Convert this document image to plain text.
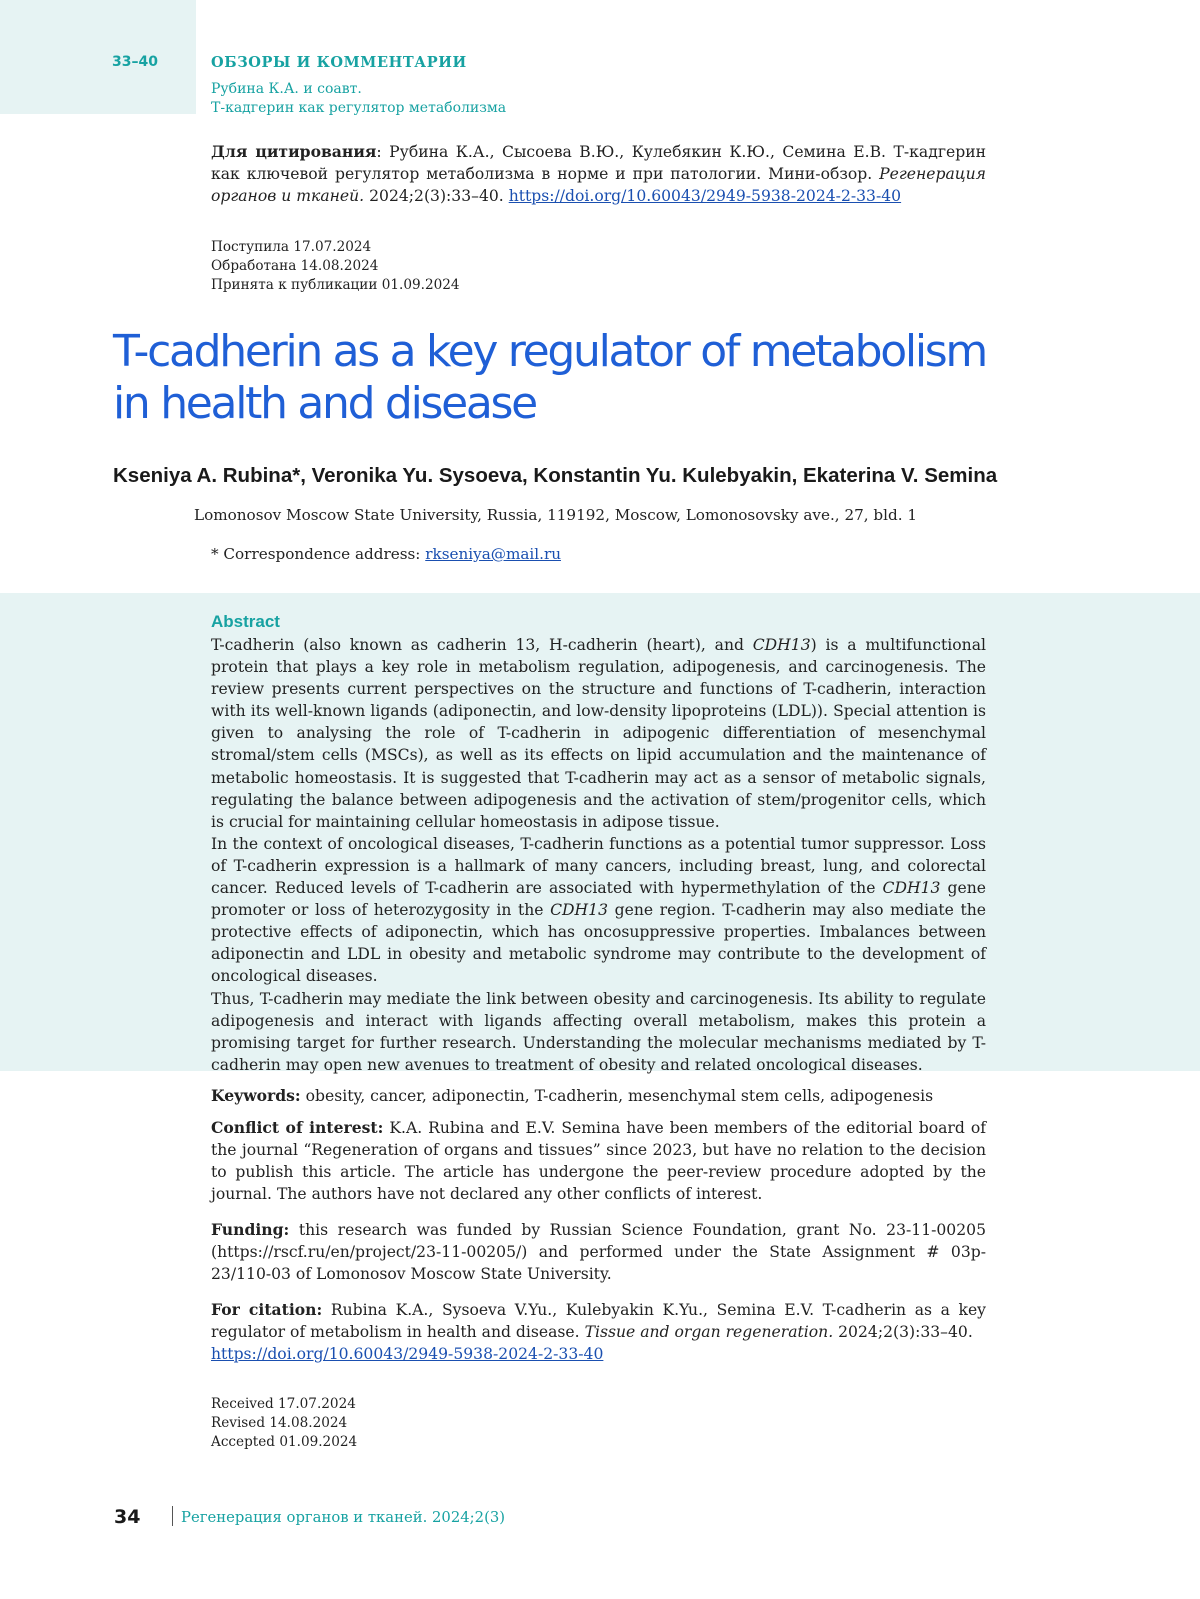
33–40	ОБЗОРЫ И КОММЕНТАРИИ
Рубина К.А. и соавт.
Т-кадгерин как регулятор метаболизма
Для цитирования: Рубина К.А., Сысоева В.Ю., Кулебякин К.Ю., Семина Е.В. Т-кадгерин как ключевой регулятор метаболизма в норме и при патологии. Мини-обзор. Регенерация органов и тканей. 2024;2(3):33–40. https://doi.org/10.60043/2949-5938-2024-2-33-40
Поступила 17.07.2024
Обработана 14.08.2024
Принята к публикации 01.09.2024
T-cadherin as a key regulator of metabolism
in health and disease
Kseniya A. Rubina*, Veronika Yu. Sysoeva, Konstantin Yu. Kulebyakin, Ekaterina V. Semina
Lomonosov Moscow State University, Russia, 119192, Moscow, Lomonosovsky ave., 27, bld. 1
* Correspondence address: rkseniya@mail.ru
Abstract

T-cadherin (also known as cadherin 13, H-cadherin (heart), and CDH13) is a multifunctional protein that plays a key role in metabolism regulation, adipogenesis, and carcinogenesis. The review presents current perspectives on the structure and functions of T-cadherin, interaction with its well-known ligands (adiponectin, and low-density lipoproteins (LDL)). Special attention is given to analysing the role of T-cadherin in adipogenic differentiation of mesenchymal stromal/stem cells (MSCs), as well as its effects on lipid accumulation and the maintenance of metabolic homeostasis. It is suggested that T-cadherin may act as a sensor of metabolic signals, regulating the balance between adipogenesis and the activation of stem/progenitor cells, which is crucial for maintaining cellular homeostasis in adipose tissue.

In the context of oncological diseases, T-cadherin functions as a potential tumor suppressor. Loss of T-cadherin expression is a hallmark of many cancers, including breast, lung, and colorectal cancer. Reduced levels of T-cadherin are associated with hypermethylation of the CDH13 gene promoter or loss of heterozygosity in the CDH13 gene region. T-cadherin may also mediate the protective effects of adiponectin, which has oncosuppressive properties. Imbalances between adiponectin and LDL in obesity and metabolic syndrome may contribute to the development of oncological diseases.

Thus, T-cadherin may mediate the link between obesity and carcinogenesis. Its ability to regulate adipogenesis and interact with ligands affecting overall metabolism, makes this protein a promising target for further research. Understanding the molecular mechanisms mediated by T-cadherin may open new avenues to treatment of obesity and related oncological diseases.

Keywords: obesity, cancer, adiponectin, T-cadherin, mesenchymal stem cells, adipogenesis
Conflict of interest: K.A. Rubina and E.V. Semina have been members of the editorial board of the journal “Regeneration of organs and tissues” since 2023, but have no relation to the decision to publish this article. The article has undergone the peer-review procedure adopted by the journal. The authors have not declared any other conflicts of interest.
Funding: this research was funded by Russian Science Foundation, grant No. 23-11-00205 (https://rscf.ru/en/project/23-11-00205/) and performed under the State Assignment # 03p-23/110-03 of Lomonosov Moscow State University.
For citation: Rubina K.A., Sysoeva V.Yu., Kulebyakin K.Yu., Semina E.V. T-cadherin as a key regulator of metabolism in health and disease. Tissue and organ regeneration. 2024;2(3):33–40.
https://doi.org/10.60043/2949-5938-2024-2-33-40
Received 17.07.2024
Revised 14.08.2024
Accepted 01.09.2024
34	Регенерация органов и тканей. 2024;2(3)
